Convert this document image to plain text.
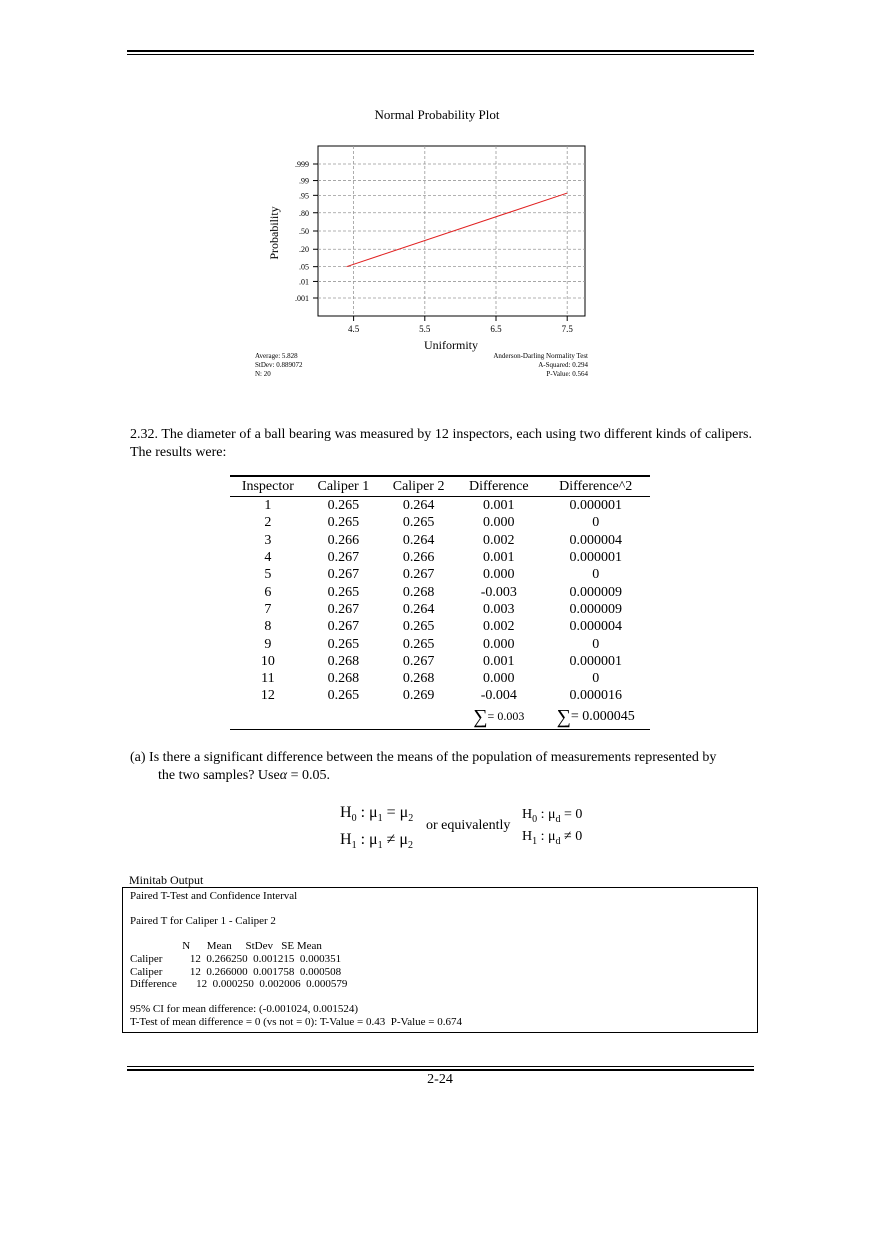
Normal Probability Plot
.999
.99
.95
.80
.50
.20
.05
.01
.001
4.5	5.5	6.5	7.5
Uniformity
Probability
Average: 5.828
StDev: 0.889072
N: 20
Anderson-Darling Normality Test
A-Squared: 0.294
P-Value: 0.564
2.32. The diameter of a ball bearing was measured by 12 inspectors, each using two different kinds of calipers. The results were:
Inspector	Caliper 1	Caliper 2	Difference	Difference^2
1	0.265	0.264	0.001	0.000001
2	0.265	0.265	0.000	0
3	0.266	0.264	0.002	0.000004
4	0.267	0.266	0.001	0.000001
5	0.267	0.267	0.000	0
6	0.265	0.268	-0.003	0.000009
7	0.267	0.264	0.003	0.000009
8	0.267	0.265	0.002	0.000004
9	0.265	0.265	0.000	0
10	0.268	0.267	0.001	0.000001
11	0.268	0.268	0.000	0
12	0.265	0.269	-0.004	0.000016
			∑= 0.003	∑= 0.000045
(a) Is there a significant difference between the means of the population of measurements represented by
the two samples? Useα = 0.05.
$H_0$ : $\mu_1 = \mu_2$
$H_1$ : $\mu_1 \ne \mu_2$
or equivalently
$H_0$ : $\mu_d = 0$
$H_1$ : $\mu_d \ne 0$
Minitab Output
Paired T-Test and Confidence Interval
Paired T for Caliper 1 - Caliper 2
N      Mean     StDev   SE Mean
Caliper          12  0.266250  0.001215  0.000351
Caliper          12  0.266000  0.001758  0.000508
Difference       12  0.000250  0.002006  0.000579
95% CI for mean difference: (-0.001024, 0.001524)
T-Test of mean difference = 0 (vs not = 0): T-Value = 0.43  P-Value = 0.674
2-24
